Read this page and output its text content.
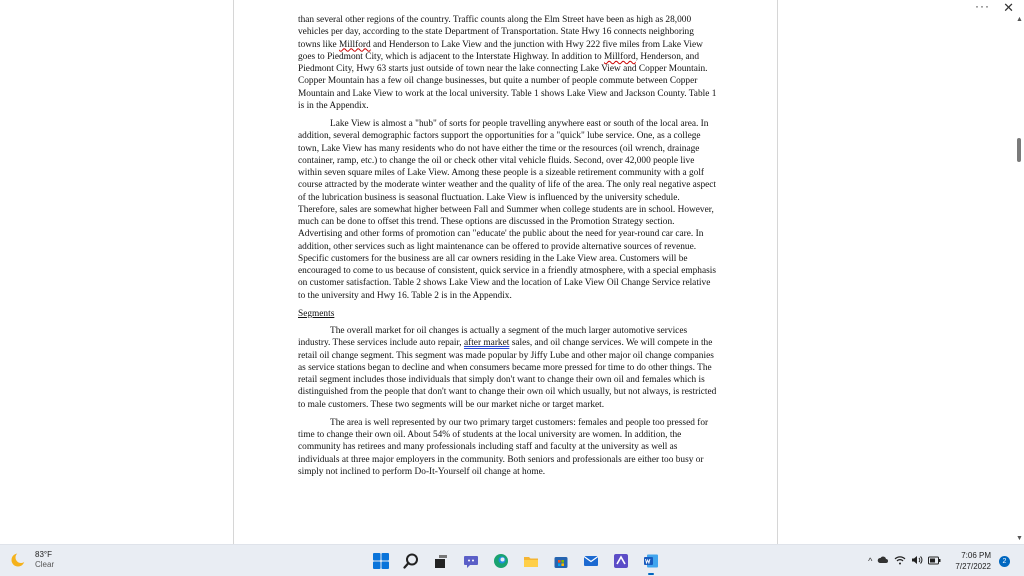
than several other regions of the country. Traffic counts along the Elm Street have been as high as 28,000 vehicles per day, according to the state Department of Transportation. State Hwy 16 connects neighboring towns like Millford and Henderson to Lake View and the junction with Hwy 222 five miles from Lake View goes to Piedmont City, which is adjacent to the Interstate Highway. In addition to Millford, Henderson, and Piedmont City, Hwy 63 starts just outside of town near the lake connecting Lake View and Copper Mountain. Copper Mountain has a few oil change businesses, but quite a number of people commute between Copper Mountain and Lake View to work at the local university. Table 1 shows Lake View and Jackson County. Table 1 is in the Appendix.

Lake View is almost a "hub" of sorts for people travelling anywhere east or south of the local area. In addition, several demographic factors support the opportunities for a "quick" lube service. One, as a college town, Lake View has many residents who do not have either the time or the resources (oil wrench, drainage container, ramp, etc.) to change the oil or check other vital vehicle fluids. Second, over 42,000 people live within seven square miles of Lake View. Among these people is a sizeable retirement community with a golf course attracted by the moderate winter weather and the quality of life of the area. The only real negative aspect of the lubrication business is seasonal fluctuation. Lake View is influenced by the university schedule. Therefore, sales are somewhat higher between Fall and Summer when college students are in school. However, much can be done to offset this trend. These options are discussed in the Promotion Strategy section. Advertising and other forms of promotion can "educate' the public about the need for year-round car care. In addition, other services such as light maintenance can be offered to provide alternative sources of revenue. Specific customers for the business are all car owners residing in the Lake View area. Customers will be encouraged to come to us because of consistent, quick service in a friendly atmosphere, with a special emphasis on customer satisfaction. Table 2 shows Lake View and the location of Lake View Oil Change Service relative to the university and Hwy 16. Table 2 is in the Appendix.

Segments

The overall market for oil changes is actually a segment of the much larger automotive services industry. These services include auto repair, after market sales, and oil change services. We will compete in the retail oil change segment. This segment was made popular by Jiffy Lube and other major oil change companies as service stations began to decline and when consumers became more pressed for time to do other things. The retail segment includes those individuals that simply don't want to change their own oil and females which is distinguished from the people that don't want to change their own oil which usually, but not always, is restricted to male customers. These two segments will be our market niche or target market.

The area is well represented by our two primary target customers: females and people too pressed for time to change their own oil. About 54% of students at the local university are women. In addition, the community has retirees and many professionals including staff and faculty at the university as well as individuals at three major employers in the community. Both seniors and professionals are either too busy or simply not inclined to perform Do-It-Yourself oil change at home.

··· ✕
▲
▼
83°F
Clear	^
7:06 PM
7/27/2022
2
